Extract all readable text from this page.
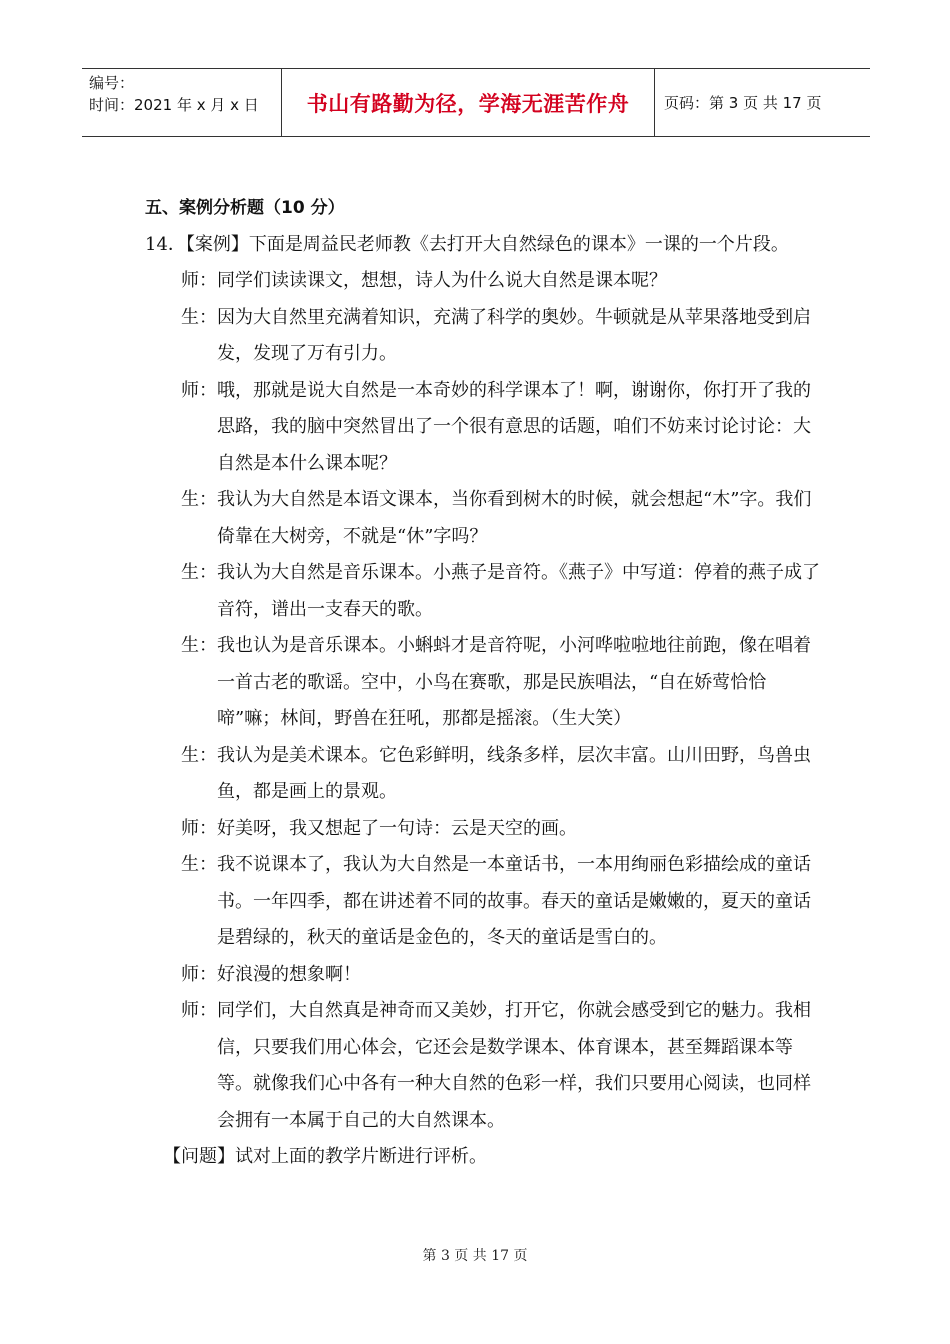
编号：
时间：2021 年 x 月 x 日	书山有路勤为径，学海无涯苦作舟	页码：第 3 页 共 17 页
五、案例分析题（10 分）

14．【案例】下面是周益民老师教《去打开大自然绿色的课本》一课的一个片段。

师： 同学们读读课文，想想，诗人为什么说大自然是课本呢？
生： 因为大自然里充满着知识，充满了科学的奥妙。牛顿就是从苹果落地受到启发，发现了万有引力。
师： 哦，那就是说大自然是一本奇妙的科学课本了！啊，谢谢你，你打开了我的思路，我的脑中突然冒出了一个很有意思的话题，咱们不妨来讨论讨论：大自然是本什么课本呢？
生： 我认为大自然是本语文课本，当你看到树木的时候，就会想起“木”字。我们倚靠在大树旁，不就是“休”字吗？
生： 我认为大自然是音乐课本。小燕子是音符。《燕子》中写道：停着的燕子成了音符，谱出一支春天的歌。
生： 我也认为是音乐课本。小蝌蚪才是音符呢，小河哗啦啦地往前跑，像在唱着一首古老的歌谣。空中，小鸟在赛歌，那是民族唱法，“自在娇莺恰恰啼”嘛；林间，野兽在狂吼，那都是摇滚。（生大笑）
生： 我认为是美术课本。它色彩鲜明，线条多样，层次丰富。山川田野，鸟兽虫鱼，都是画上的景观。
师： 好美呀，我又想起了一句诗：云是天空的画。
生： 我不说课本了，我认为大自然是一本童话书，一本用绚丽色彩描绘成的童话书。一年四季，都在讲述着不同的故事。春天的童话是嫩嫩的，夏天的童话是碧绿的，秋天的童话是金色的，冬天的童话是雪白的。
师： 好浪漫的想象啊！
师： 同学们，大自然真是神奇而又美妙，打开它，你就会感受到它的魅力。我相信，只要我们用心体会，它还会是数学课本、体育课本，甚至舞蹈课本等等。就像我们心中各有一种大自然的色彩一样，我们只要用心阅读，也同样会拥有一本属于自己的大自然课本。
【问题】试对上面的教学片断进行评析。
第 3 页 共 17 页
